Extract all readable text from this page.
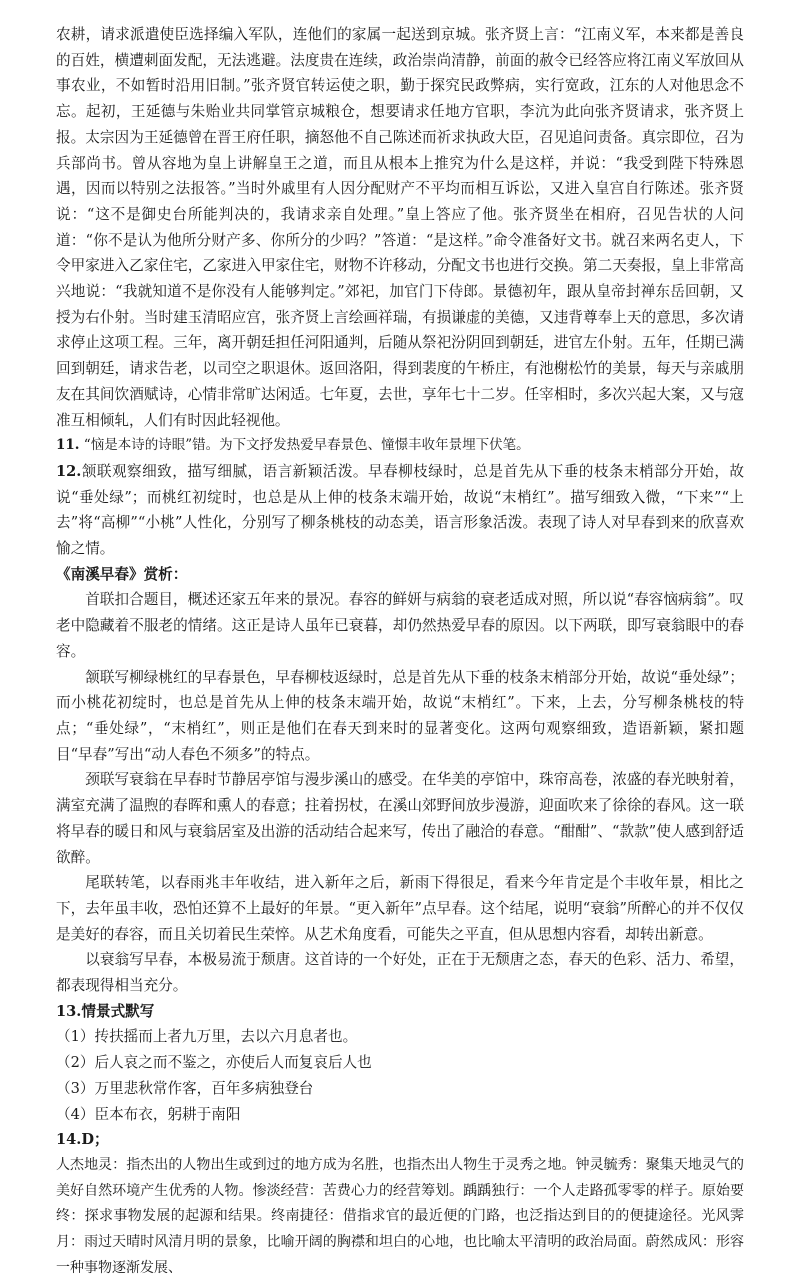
农耕，请求派遣使臣选择编入军队，连他们的家属一起送到京城。张齐贤上言：“江南义军，本来都是善良的百姓，横遭刺面发配，无法逃避。法度贵在连续，政治崇尚清静，前面的赦令已经答应将江南义军放回从事农业，不如暂时沿用旧制。”张齐贤官转运使之职，勤于探究民政弊病，实行宽政，江东的人对他思念不忘。起初，王延德与朱贻业共同掌管京城粮仓，想要请求任地方官职，李沆为此向张齐贤请求，张齐贤上报。太宗因为王延德曾在晋王府任职，摘怒他不自己陈述而祈求执政大臣，召见追问责备。真宗即位，召为兵部尚书。曾从容地为皇上讲解皇王之道，而且从根本上推究为什么是这样，并说：“我受到陛下特殊恩遇，因而以特别之法报答。”当时外戚里有人因分配财产不平均而相互诉讼，又进入皇宫自行陈述。张齐贤说：“这不是御史台所能判决的，我请求亲自处理。”皇上答应了他。张齐贤坐在相府，召见告状的人问道：“你不是认为他所分财产多、你所分的少吗？”答道：“是这样。”命令准备好文书。就召来两名吏人，下令甲家进入乙家住宅，乙家进入甲家住宅，财物不许移动，分配文书也进行交换。第二天奏报，皇上非常高兴地说：“我就知道不是你没有人能够判定。”郊祀，加官门下侍郎。景德初年，跟从皇帝封禅东岳回朝，又授为右仆射。当时建玉清昭应宫，张齐贤上言绘画祥瑞，有损谦虚的美德，又违背尊奉上天的意思，多次请求停止这项工程。三年，离开朝廷担任河阳通判，后随从祭祀汾阴回到朝廷，进官左仆射。五年，任期已满回到朝廷，请求告老，以司空之职退休。返回洛阳，得到裴度的午桥庄，有池榭松竹的美景，每天与亲戚朋友在其间饮酒赋诗，心情非常旷达闲适。七年夏，去世，享年七十二岁。任宰相时，多次兴起大案，又与寇准互相倾轧，人们有时因此轻视他。

11. “恼是本诗的诗眼”错。为下文抒发热爱早春景色、憧憬丰收年景埋下伏笔。

12.颔联观察细致，描写细腻，语言新颖活泼。早春柳枝绿时，总是首先从下垂的枝条末梢部分开始，故说“垂处绿”；而桃红初绽时，也总是从上伸的枝条末端开始，故说“末梢红”。描写细致入微，“下来”“上去”将“高柳”“小桃”人性化，分别写了柳条桃枝的动态美，语言形象活泼。表现了诗人对早春到来的欣喜欢愉之情。

《南溪早春》赏析：

首联扣合题目，概述还家五年来的景况。春容的鲜妍与病翁的衰老适成对照，所以说“春容恼病翁”。叹老中隐藏着不服老的情绪。这正是诗人虽年已衰暮，却仍然热爱早春的原因。以下两联，即写衰翁眼中的春容。

颔联写柳绿桃红的早春景色，早春柳枝返绿时，总是首先从下垂的枝条末梢部分开始，故说“垂处绿”；而小桃花初绽时，也总是首先从上伸的枝条末端开始，故说“末梢红”。下来，上去，分写柳条桃枝的特点；“垂处绿”，“末梢红”，则正是他们在春天到来时的显著变化。这两句观察细致，造语新颖，紧扣题目“早春”写出“动人春色不须多”的特点。

颈联写衰翁在早春时节静居亭馆与漫步溪山的感受。在华美的亭馆中，珠帘高卷，浓盛的春光映射着，满室充满了温煦的春晖和熏人的春意；拄着拐杖，在溪山郊野间放步漫游，迎面吹来了徐徐的春风。这一联将早春的暖日和风与衰翁居室及出游的活动结合起来写，传出了融洽的春意。“酣酣”、“款款”使人感到舒适欲醉。

尾联转笔，以春雨兆丰年收结，进入新年之后，新雨下得很足，看来今年肯定是个丰收年景，相比之下，去年虽丰收，恐怕还算不上最好的年景。“更入新年”点早春。这个结尾，说明“衰翁”所醉心的并不仅仅是美好的春容，而且关切着民生荣悴。从艺术角度看，可能失之平直，但从思想内容看，却转出新意。

以衰翁写早春，本极易流于颓唐。这首诗的一个好处，正在于无颓唐之态，春天的色彩、活力、希望，都表现得相当充分。

13.情景式默写

（1）抟扶摇而上者九万里，去以六月息者也。

（2）后人哀之而不鉴之，亦使后人而复哀后人也

（3）万里悲秋常作客，百年多病独登台

（4）臣本布衣，躬耕于南阳

14.D；

人杰地灵：指杰出的人物出生或到过的地方成为名胜，也指杰出人物生于灵秀之地。钟灵毓秀：聚集天地灵气的美好自然环境产生优秀的人物。惨淡经营：苦费心力的经营筹划。踽踽独行：一个人走路孤零零的样子。原始要终：探求事物发展的起源和结果。终南捷径：借指求官的最近便的门路，也泛指达到目的的便捷途径。光风霁月：雨过天晴时风清月明的景象，比喻开阔的胸襟和坦白的心地，也比喻太平清明的政治局面。蔚然成风：形容一种事物逐渐发展、
